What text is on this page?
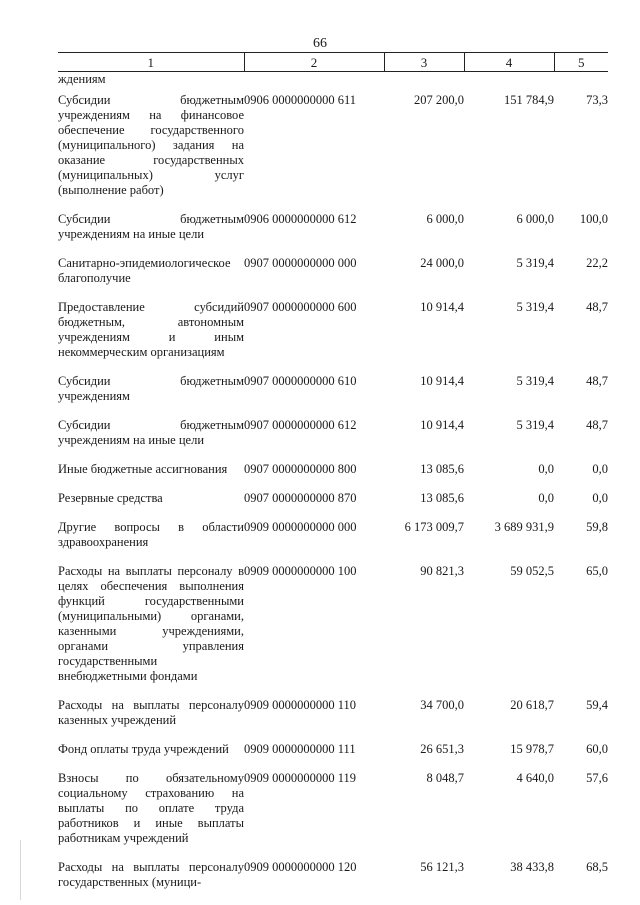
66
1	2	3	4	5
ждениям				
Субсидии бюджетным учреждениям на финансовое обеспечение государственного (муниципального) задания на оказание государственных (муниципальных) услуг (выполнение работ)	0906 0000000000 611	207 200,0	151 784,9	73,3
Субсидии бюджетным учреждениям на иные цели	0906 0000000000 612	6 000,0	6 000,0	100,0
Санитарно-эпидемиологическое благополучие	0907 0000000000 000	24 000,0	5 319,4	22,2
Предоставление субсидий бюджетным, автономным учреждениям и иным некоммерческим организациям	0907 0000000000 600	10 914,4	5 319,4	48,7
Субсидии бюджетным учреждениям	0907 0000000000 610	10 914,4	5 319,4	48,7
Субсидии бюджетным учреждениям на иные цели	0907 0000000000 612	10 914,4	5 319,4	48,7
Иные бюджетные ассигнования	0907 0000000000 800	13 085,6	0,0	0,0
Резервные средства	0907 0000000000 870	13 085,6	0,0	0,0
Другие вопросы в области здравоохранения	0909 0000000000 000	6 173 009,7	3 689 931,9	59,8
Расходы на выплаты персоналу в целях обеспечения выполнения функций государственными (муниципальными) органами, казенными учреждениями, органами управления государственными внебюджетными фондами	0909 0000000000 100	90 821,3	59 052,5	65,0
Расходы на выплаты персоналу казенных учреждений	0909 0000000000 110	34 700,0	20 618,7	59,4
Фонд оплаты труда учреждений	0909 0000000000 111	26 651,3	15 978,7	60,0
Взносы по обязательному социальному страхованию на выплаты по оплате труда работников и иные выплаты работникам учреждений	0909 0000000000 119	8 048,7	4 640,0	57,6
Расходы на выплаты персоналу государственных (муници-	0909 0000000000 120	56 121,3	38 433,8	68,5
